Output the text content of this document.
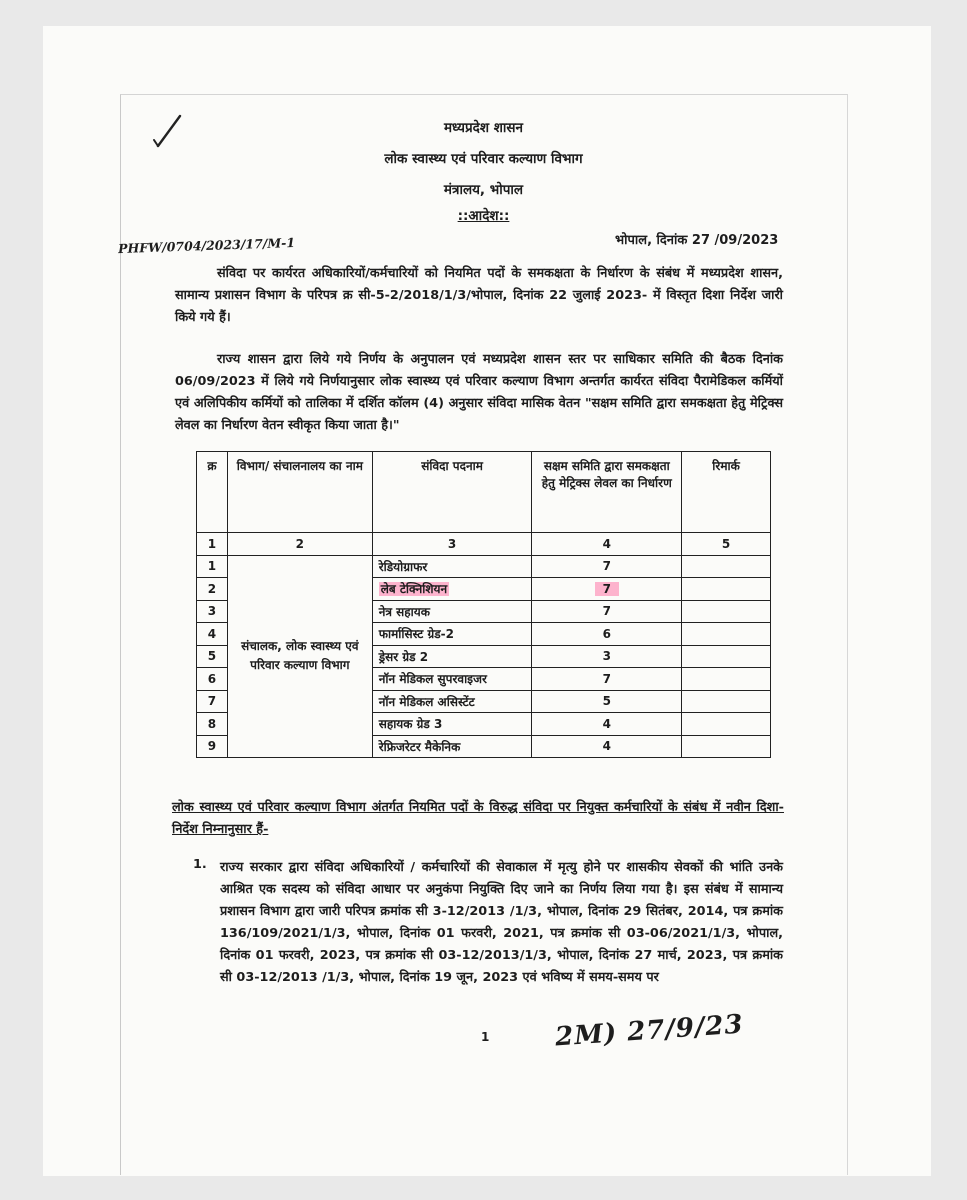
मध्यप्रदेश शासन
लोक स्वास्थ्य एवं परिवार कल्याण विभाग
मंत्रालय, भोपाल
::आदेश::
PHFW/0704/2023/17/M-1	भोपाल, दिनांक 27 /09/2023
संविदा पर कार्यरत अधिकारियों/कर्मचारियों को नियमित पदों के समकक्षता के निर्धारण के संबंध में मध्यप्रदेश शासन, सामान्य प्रशासन विभाग के परिपत्र क्र सी-5-2/2018/1/3/भोपाल, दिनांक 22 जुलाई 2023- में विस्तृत दिशा निर्देश जारी किये गये हैं।
राज्य शासन द्वारा लिये गये निर्णय के अनुपालन एवं मध्यप्रदेश शासन स्तर पर साधिकार समिति की बैठक दिनांक 06/09/2023 में लिये गये निर्णयानुसार लोक स्वास्थ्य एवं परिवार कल्याण विभाग अन्तर्गत कार्यरत संविदा पैरामेडिकल कर्मियों एवं अलिपिकीय कर्मियों को तालिका में दर्शित कॉलम (4) अनुसार संविदा मासिक वेतन "सक्षम समिति द्वारा समकक्षता हेतु मेट्रिक्स लेवल का निर्धारण वेतन स्वीकृत किया जाता है।"
क्र	विभाग/ संचालनालय का नाम	संविदा पदनाम	सक्षम समिति द्वारा समकक्षता हेतु मेट्रिक्स लेवल का निर्धारण	रिमार्क
1	2	3	4	5
1	संचालक, लोक स्वास्थ्य एवं परिवार कल्याण विभाग	रेडियोग्राफर	7	
2		लेब टेक्निशियन	7	
3		नेत्र सहायक	7	
4		फार्मासिस्ट ग्रेड-2	6	
5		ड्रेसर ग्रेड 2	3	
6		नॉन मेडिकल सुपरवाइजर	7	
7		नॉन मेडिकल असिस्टेंट	5	
8		सहायक ग्रेड 3	4	
9		रेफ्रिजरेटर मैकेनिक	4	
लोक स्वास्थ्य एवं परिवार कल्याण विभाग अंतर्गत नियमित पदों के विरुद्ध संविदा पर नियुक्त कर्मचारियों के संबंध में नवीन दिशा-निर्देश निम्नानुसार हैं-
1. राज्य सरकार द्वारा संविदा अधिकारियों / कर्मचारियों की सेवाकाल में मृत्यु होने पर शासकीय सेवकों की भांति उनके आश्रित एक सदस्य को संविदा आधार पर अनुकंपा नियुक्ति दिए जाने का निर्णय लिया गया है। इस संबंध में सामान्य प्रशासन विभाग द्वारा जारी परिपत्र क्रमांक सी 3-12/2013 /1/3, भोपाल, दिनांक 29 सितंबर, 2014, पत्र क्रमांक 136/109/2021/1/3, भोपाल, दिनांक 01 फरवरी, 2021, पत्र क्रमांक सी 03-06/2021/1/3, भोपाल, दिनांक 01 फरवरी, 2023, पत्र क्रमांक सी 03-12/2013/1/3, भोपाल, दिनांक 27 मार्च, 2023, पत्र क्रमांक सी 03-12/2013 /1/3, भोपाल, दिनांक 19 जून, 2023 एवं भविष्य में समय-समय पर
1 2M) 27/9/23
